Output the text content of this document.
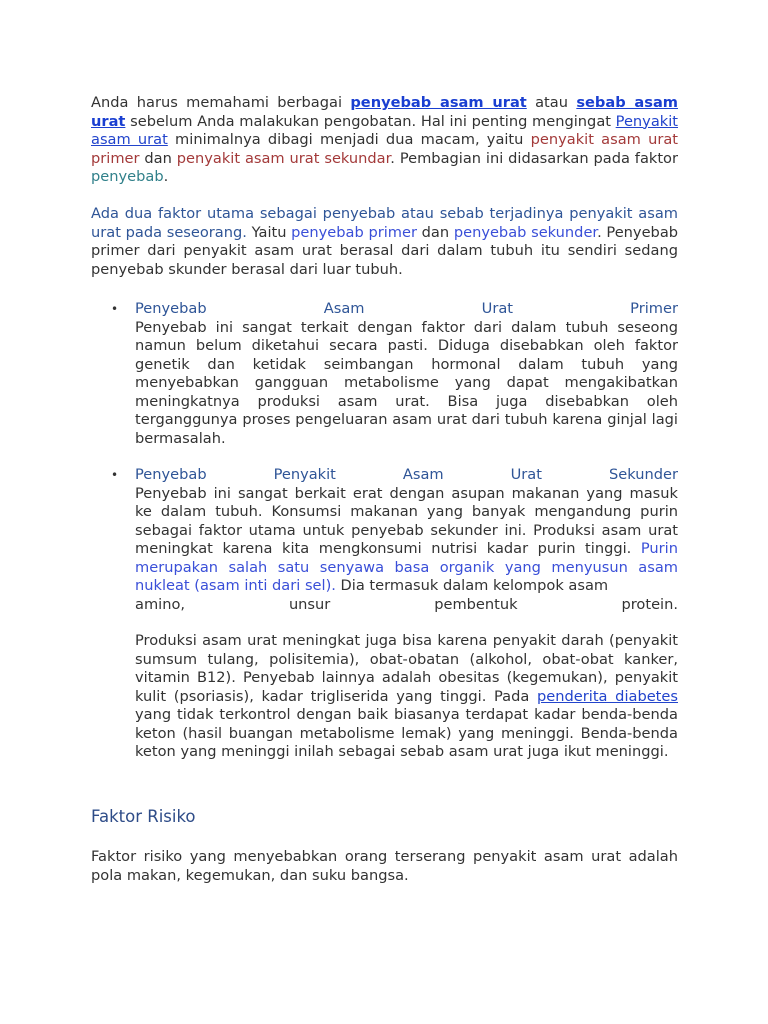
Anda harus memahami berbagai penyebab asam urat atau sebab asam urat sebelum Anda malakukan pengobatan. Hal ini penting mengingat Penyakit asam urat minimalnya dibagi menjadi dua macam, yaitu penyakit asam urat primer dan penyakit asam urat sekundar. Pembagian ini didasarkan pada faktor penyebab.

Ada dua faktor utama sebagai penyebab atau sebab terjadinya penyakit asam urat pada seseorang. Yaitu penyebab primer dan penyebab sekunder. Penyebab primer dari penyakit asam urat berasal dari dalam tubuh itu sendiri sedang penyebab skunder berasal dari luar tubuh.

• Penyebab	Asam	Urat	Primer

Penyebab ini sangat terkait dengan faktor dari dalam tubuh seseong namun belum diketahui secara pasti. Diduga disebabkan oleh faktor genetik dan ketidak seimbangan hormonal dalam tubuh yang menyebabkan gangguan metabolisme yang dapat mengakibatkan meningkatnya produksi asam urat. Bisa juga disebabkan oleh terganggunya proses pengeluaran asam urat dari tubuh karena ginjal lagi bermasalah.

• Penyebab	Penyakit	Asam	Urat	Sekunder

Penyebab ini sangat berkait erat dengan asupan makanan yang masuk ke dalam tubuh. Konsumsi makanan yang banyak mengandung purin sebagai faktor utama untuk penyebab sekunder ini. Produksi asam urat meningkat karena kita mengkonsumi nutrisi kadar purin tinggi. Purin merupakan salah satu senyawa basa organik yang menyusun asam nukleat (asam inti dari sel). Dia termasuk dalam kelompok asam

amino,	unsur	pembentuk	protein.

Produksi asam urat meningkat juga bisa karena penyakit darah (penyakit sumsum tulang, polisitemia), obat-obatan (alkohol, obat-obat kanker, vitamin B12). Penyebab lainnya adalah obesitas (kegemukan), penyakit kulit (psoriasis), kadar trigliserida yang tinggi. Pada penderita diabetes yang tidak terkontrol dengan baik biasanya terdapat kadar benda-benda keton (hasil buangan metabolisme lemak) yang meninggi. Benda-benda keton yang meninggi inilah sebagai sebab asam urat juga ikut meninggi.

Faktor Risiko

Faktor risiko yang menyebabkan orang terserang penyakit asam urat adalah pola makan, kegemukan, dan suku bangsa.
